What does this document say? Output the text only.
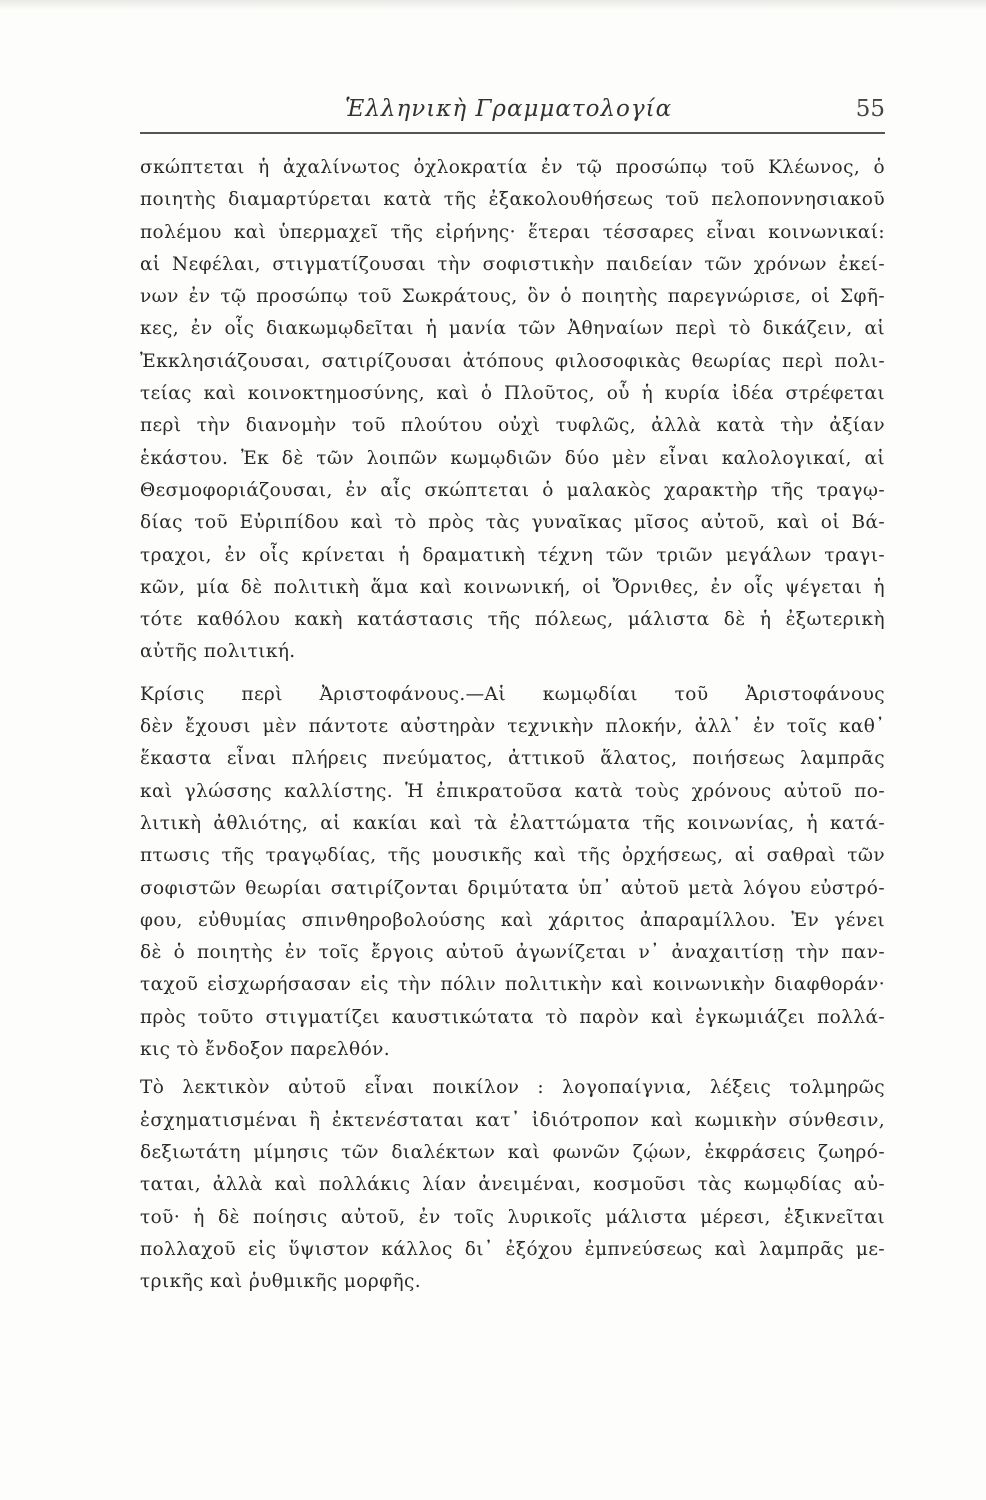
Ἑλληνικὴ Γραμματολογία	55
σκώπτεται ἡ ἀχαλίνωτος ὀχλοκρατία ἐν τῷ προσώπῳ τοῦ Κλέωνος, ὁ
ποιητὴς διαμαρτύρεται κατὰ τῆς ἐξακολουθήσεως τοῦ πελοποννησιακοῦ
πολέμου καὶ ὑπερμαχεῖ τῆς εἰρήνης· ἕτεραι τέσσαρες εἶναι κοινωνικαί:
αἱ Νεφέλαι, στιγματίζουσαι τὴν σοφιστικὴν παιδείαν τῶν χρόνων ἐκεί-
νων ἐν τῷ προσώπῳ τοῦ Σωκράτους, ὃν ὁ ποιητὴς παρεγνώρισε, οἱ Σφῆ-
κες, ἐν οἷς διακωμῳδεῖται ἡ μανία τῶν Ἀθηναίων περὶ τὸ δικάζειν, αἱ
Ἐκκλησιάζουσαι, σατιρίζουσαι ἀτόπους φιλοσοφικὰς θεωρίας περὶ πολι-
τείας καὶ κοινοκτημοσύνης, καὶ ὁ Πλοῦτος, οὗ ἡ κυρία ἰδέα στρέφεται
περὶ τὴν διανομὴν τοῦ πλούτου οὐχὶ τυφλῶς, ἀλλὰ κατὰ τὴν ἀξίαν
ἑκάστου. Ἐκ δὲ τῶν λοιπῶν κωμῳδιῶν δύο μὲν εἶναι καλολογικαί, αἱ
Θεσμοφοριάζουσαι, ἐν αἷς σκώπτεται ὁ μαλακὸς χαρακτὴρ τῆς τραγῳ-
δίας τοῦ Εὐριπίδου καὶ τὸ πρὸς τὰς γυναῖκας μῖσος αὐτοῦ, καὶ οἱ Βά-
τραχοι, ἐν οἷς κρίνεται ἡ δραματικὴ τέχνη τῶν τριῶν μεγάλων τραγι-
κῶν, μία δὲ πολιτικὴ ἅμα καὶ κοινωνική, οἱ Ὄρνιθες, ἐν οἷς ψέγεται ἡ
τότε καθόλου κακὴ κατάστασις τῆς πόλεως, μάλιστα δὲ ἡ ἐξωτερικὴ
αὐτῆς πολιτική.
Κρίσις περὶ Ἀριστοφάνους.—Αἱ κωμῳδίαι τοῦ Ἀριστοφάνους
δὲν ἔχουσι μὲν πάντοτε αὐστηρὰν τεχνικὴν πλοκήν, ἀλλ᾽ ἐν τοῖς καθ᾽
ἕκαστα εἶναι πλήρεις πνεύματος, ἀττικοῦ ἅλατος, ποιήσεως λαμπρᾶς
καὶ γλώσσης καλλίστης. Ἡ ἐπικρατοῦσα κατὰ τοὺς χρόνους αὐτοῦ πο-
λιτικὴ ἀθλιότης, αἱ κακίαι καὶ τὰ ἐλαττώματα τῆς κοινωνίας, ἡ κατά-
πτωσις τῆς τραγῳδίας, τῆς μουσικῆς καὶ τῆς ὀρχήσεως, αἱ σαθραὶ τῶν
σοφιστῶν θεωρίαι σατιρίζονται δριμύτατα ὑπ᾽ αὐτοῦ μετὰ λόγου εὐστρό-
φου, εὐθυμίας σπινθηροβολούσης καὶ χάριτος ἀπαραμίλλου. Ἐν γένει
δὲ ὁ ποιητὴς ἐν τοῖς ἔργοις αὐτοῦ ἀγωνίζεται ν᾽ ἀναχαιτίσῃ τὴν παν-
ταχοῦ εἰσχωρήσασαν εἰς τὴν πόλιν πολιτικὴν καὶ κοινωνικὴν διαφθοράν·
πρὸς τοῦτο στιγματίζει καυστικώτατα τὸ παρὸν καὶ ἐγκωμιάζει πολλά-
κις τὸ ἔνδοξον παρελθόν.
Τὸ λεκτικὸν αὐτοῦ εἶναι ποικίλον : λογοπαίγνια, λέξεις τολμηρῶς
ἐσχηματισμέναι ἢ ἐκτενέσταται κατ᾽ ἰδιότροπον καὶ κωμικὴν σύνθεσιν,
δεξιωτάτη μίμησις τῶν διαλέκτων καὶ φωνῶν ζῴων, ἐκφράσεις ζωηρό-
ταται, ἀλλὰ καὶ πολλάκις λίαν ἀνειμέναι, κοσμοῦσι τὰς κωμῳδίας αὐ-
τοῦ· ἡ δὲ ποίησις αὐτοῦ, ἐν τοῖς λυρικοῖς μάλιστα μέρεσι, ἐξικνεῖται
πολλαχοῦ εἰς ὕψιστον κάλλος δι᾽ ἐξόχου ἐμπνεύσεως καὶ λαμπρᾶς με-
τρικῆς καὶ ῥυθμικῆς μορφῆς.
